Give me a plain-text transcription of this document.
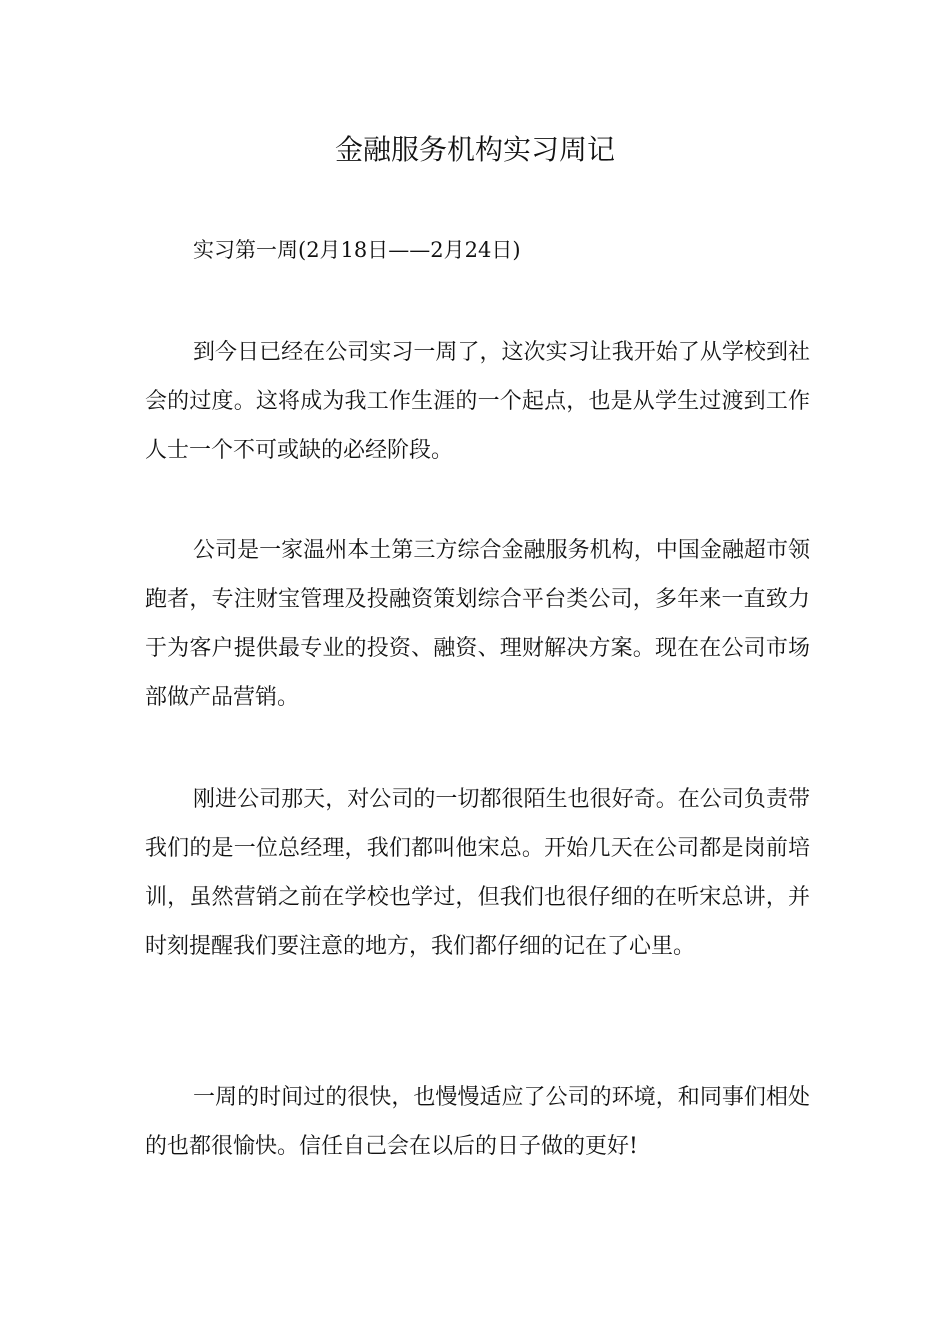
金融服务机构实习周记
实习第一周(2月18日——2月24日)

到今日已经在公司实习一周了，这次实习让我开始了从学校到社会的过度。这将成为我工作生涯的一个起点，也是从学生过渡到工作人士一个不可或缺的必经阶段。

公司是一家温州本土第三方综合金融服务机构，中国金融超市领跑者，专注财宝管理及投融资策划综合平台类公司，多年来一直致力于为客户提供最专业的投资、融资、理财解决方案。现在在公司市场部做产品营销。

刚进公司那天，对公司的一切都很陌生也很好奇。在公司负责带我们的是一位总经理，我们都叫他宋总。开始几天在公司都是岗前培训，虽然营销之前在学校也学过，但我们也很仔细的在听宋总讲，并时刻提醒我们要注意的地方，我们都仔细的记在了心里。

一周的时间过的很快，也慢慢适应了公司的环境，和同事们相处的也都很愉快。信任自己会在以后的日子做的更好!
